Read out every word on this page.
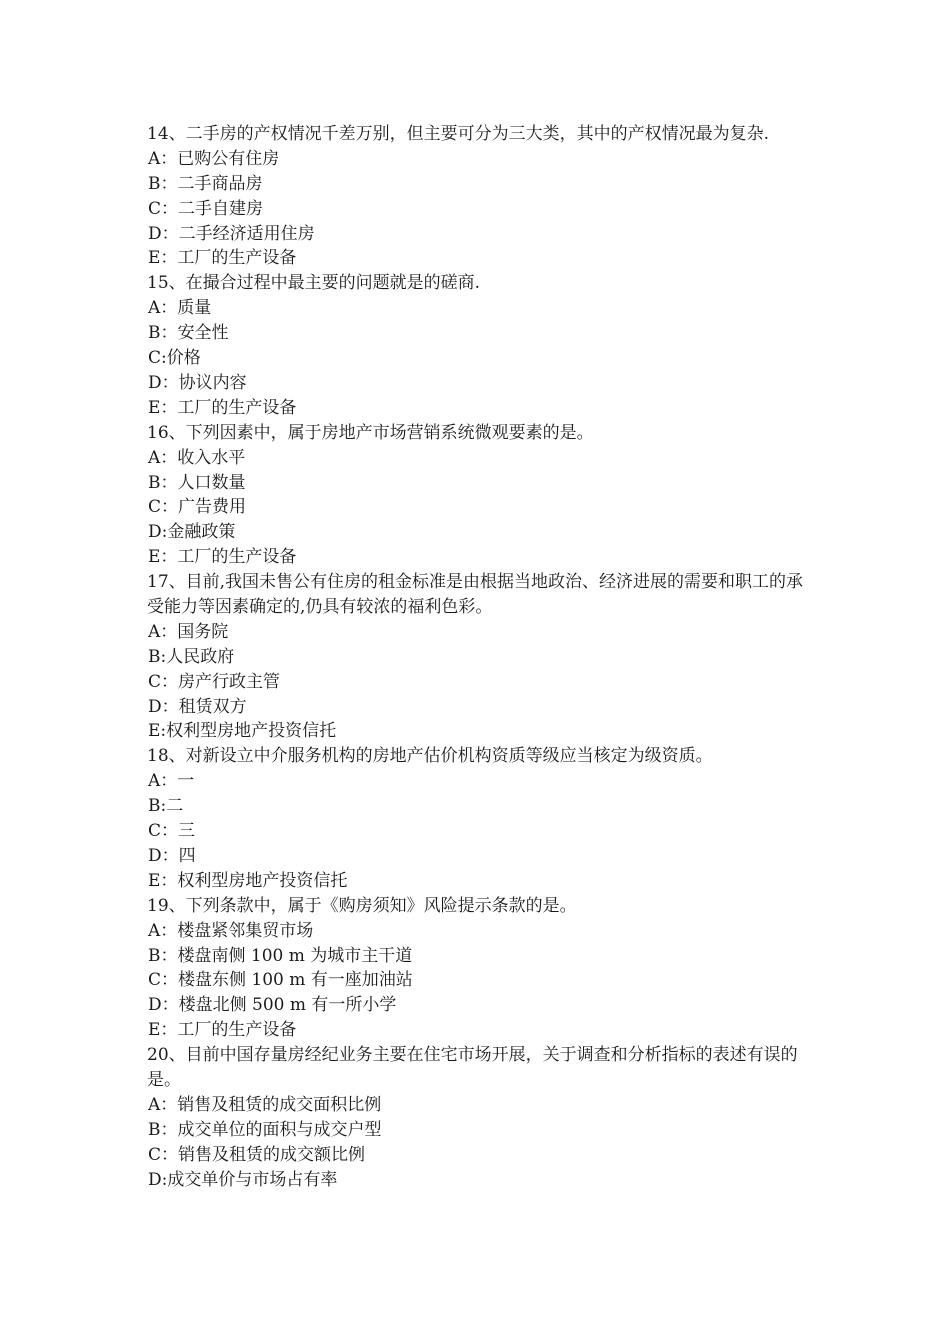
14、二手房的产权情况千差万别，但主要可分为三大类，其中的产权情况最为复杂.
A：已购公有住房
B：二手商品房
C：二手自建房
D：二手经济适用住房
E：工厂的生产设备
15、在撮合过程中最主要的问题就是的磋商.
A：质量
B：安全性
C:价格
D：协议内容
E：工厂的生产设备
16、下列因素中，属于房地产市场营销系统微观要素的是。
A：收入水平
B：人口数量
C：广告费用
D:金融政策
E：工厂的生产设备
17、目前,我国未售公有住房的租金标准是由根据当地政治、经济进展的需要和职工的承受能力等因素确定的,仍具有较浓的福利色彩。
A：国务院
B:人民政府
C：房产行政主管
D：租赁双方
E:权利型房地产投资信托
18、对新设立中介服务机构的房地产估价机构资质等级应当核定为级资质。
A：一
B:二
C：三
D：四
E：权利型房地产投资信托
19、下列条款中，属于《购房须知》风险提示条款的是。
A：楼盘紧邻集贸市场
B：楼盘南侧 100 m 为城市主干道
C：楼盘东侧 100 m 有一座加油站
D：楼盘北侧 500 m 有一所小学
E：工厂的生产设备
20、目前中国存量房经纪业务主要在住宅市场开展，关于调查和分析指标的表述有误的是。
A：销售及租赁的成交面积比例
B：成交单位的面积与成交户型
C：销售及租赁的成交额比例
D:成交单价与市场占有率
